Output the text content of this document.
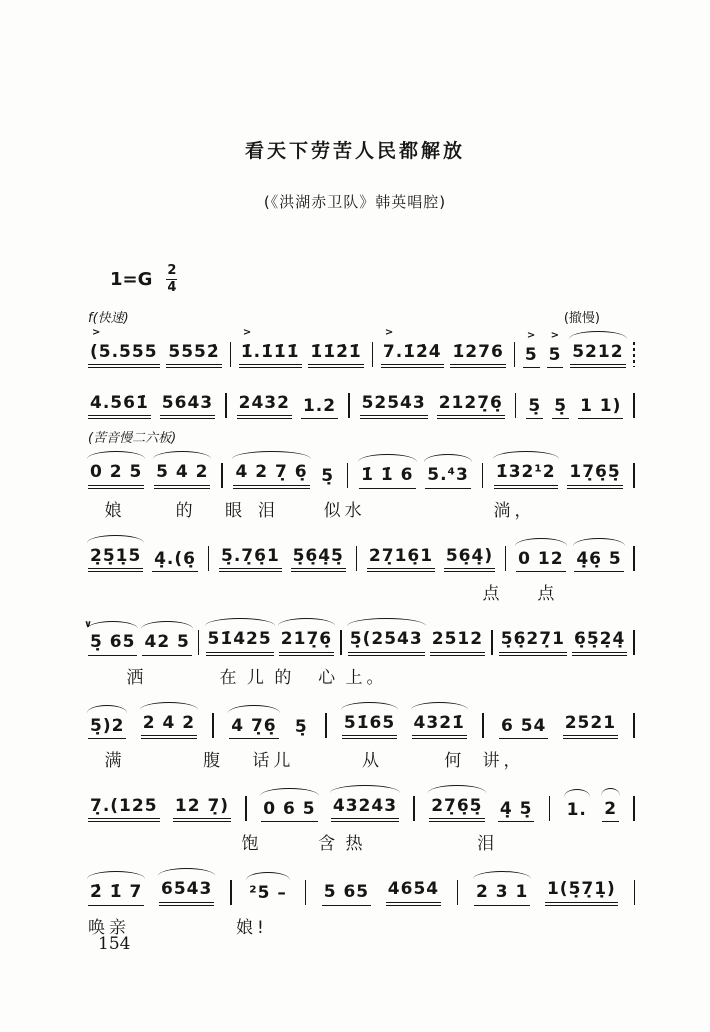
看天下劳苦人民都解放
(《洪湖赤卫队》韩英唱腔)
1=G 2
4
f(快速)	(撤慢)
(5.555
>
5552̇ 1̇.1̇1̇1̇
>
1̇1̇2̇1̇ 7.1̇2̇4̇
>
1̇276 5
>
5
>
5212
4.561̇ 5643 2432 1.2 52543 2127̣6̣ 5̣ 5̣ 1 1)
(苦音慢二六板)
0 2 5 5 4 2 4 2 7̣ 6̣ 5̣ 1̇ 1̇ 6 5.⁴3 1̇32¹2 17̣6̣5̣
娘	的 眼 泪	似水	淌，
2̣5̣1̣5 4̣.(6̣ 5̣.7̣6̣1 5̣6̣4̣5̣ 27̣16̣1 56̣4̣) 0 12 4̣6̣ 5
点 点
5̣ 65
∨
42 5 51̇425 217̣6̣ 5̣(2543 2512 5̣6̣27̣1 6̣5̣2̣4̣
洒	在 儿 的 心 上。
5̣)2 2 4 2 4 7̣6̣ 5̣ 51̇65 4321̇ 6 54 2521
满	腹 话儿	从	何 讲，
7̣.(125 12 7̣) 0 6 5 43243 27̣6̣5̣ 4̣ 5̣ 1. 2
饱	含 热	泪
2̇ 1̇ 7 6543 ²5 – 5 65 4654 2 3 1 1(5̣7̣1̣)
唤亲	娘!
154
